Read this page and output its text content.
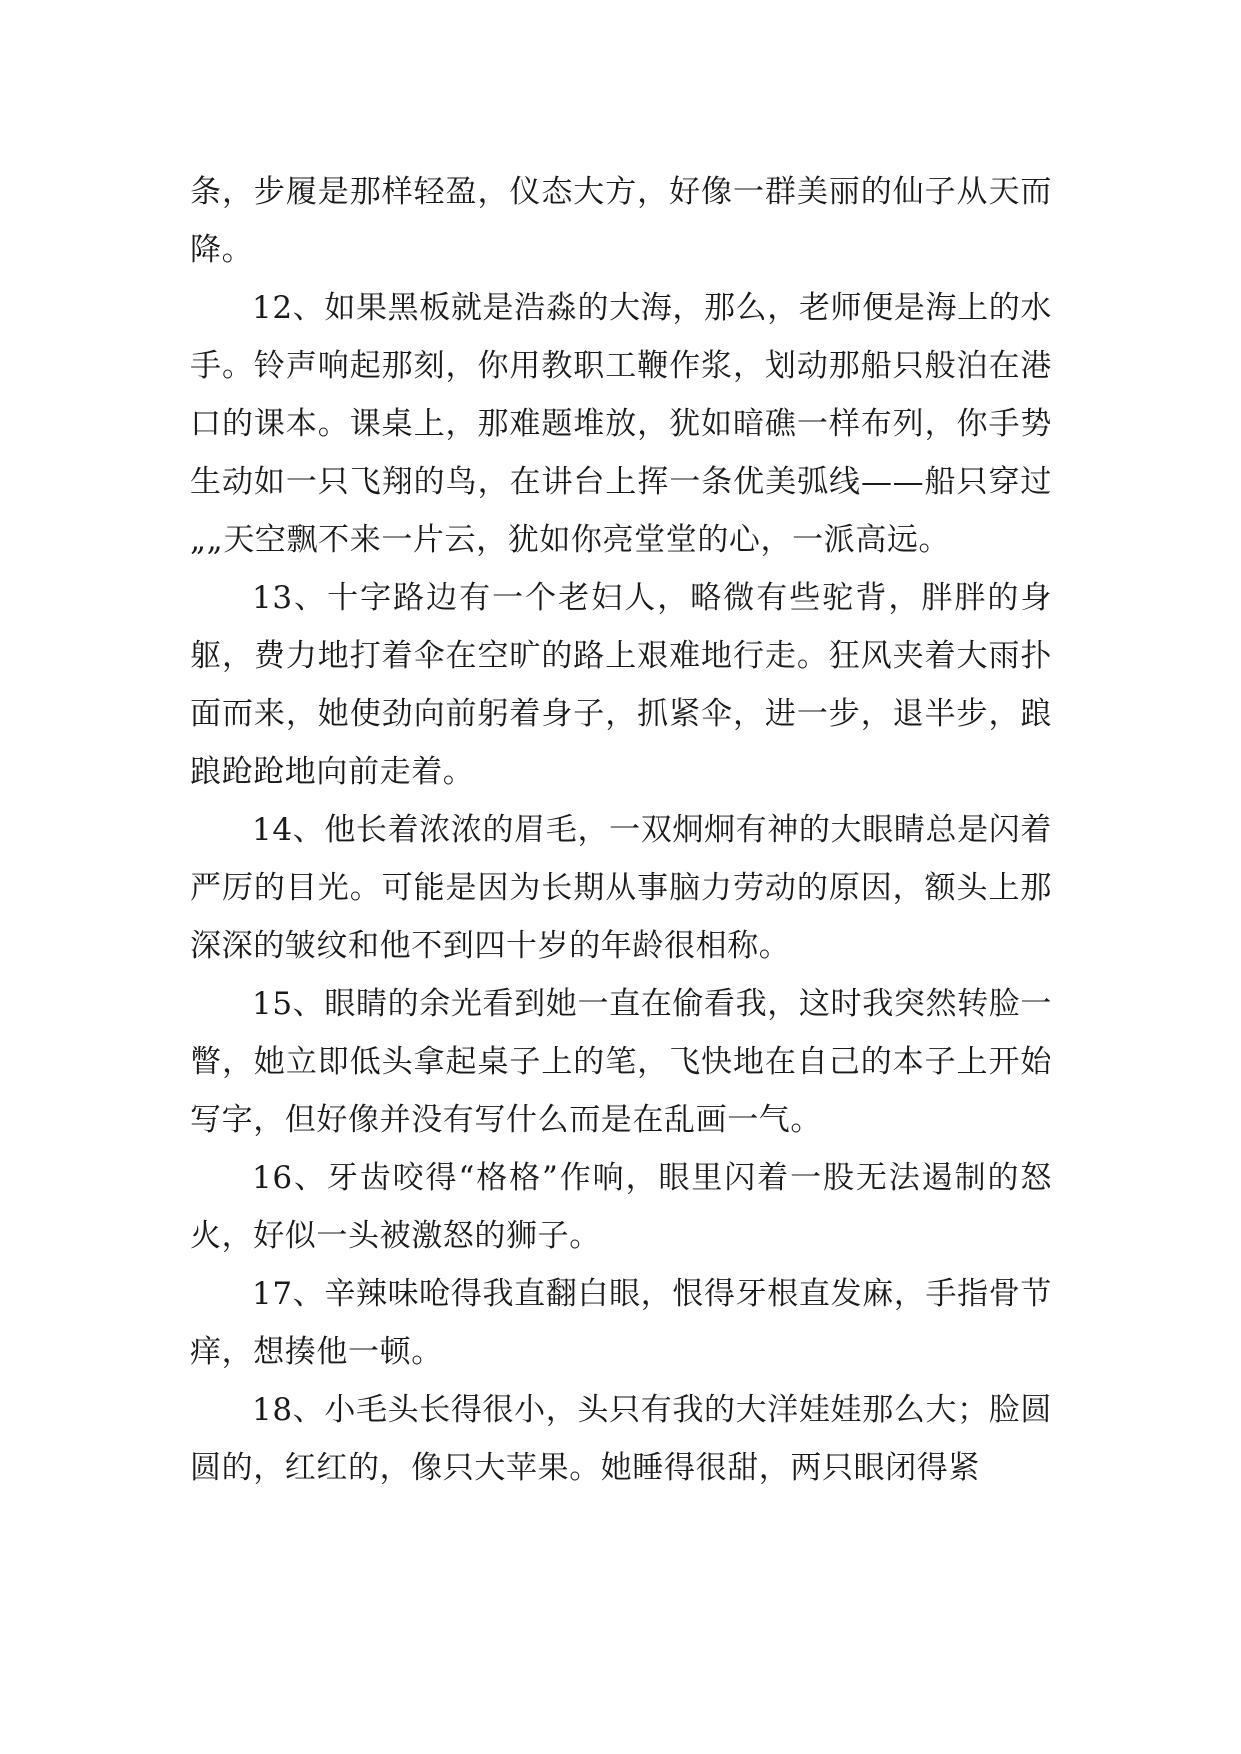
条，步履是那样轻盈，仪态大方，好像一群美丽的仙子从天而降。

12、如果黑板就是浩淼的大海，那么，老师便是海上的水手。铃声响起那刻，你用教职工鞭作浆，划动那船只般泊在港口的课本。课桌上，那难题堆放，犹如暗礁一样布列，你手势生动如一只飞翔的鸟，在讲台上挥一条优美弧线——船只穿过„„天空飘不来一片云，犹如你亮堂堂的心，一派高远。

13、十字路边有一个老妇人，略微有些驼背，胖胖的身躯，费力地打着伞在空旷的路上艰难地行走。狂风夹着大雨扑面而来，她使劲向前躬着身子，抓紧伞，进一步，退半步，踉踉跄跄地向前走着。

14、他长着浓浓的眉毛，一双炯炯有神的大眼睛总是闪着严厉的目光。可能是因为长期从事脑力劳动的原因，额头上那深深的皱纹和他不到四十岁的年龄很相称。

15、眼睛的余光看到她一直在偷看我，这时我突然转脸一瞥，她立即低头拿起桌子上的笔，飞快地在自己的本子上开始写字，但好像并没有写什么而是在乱画一气。

16、牙齿咬得“格格”作响，眼里闪着一股无法遏制的怒火，好似一头被激怒的狮子。

17、辛辣味呛得我直翻白眼，恨得牙根直发麻，手指骨节痒，想揍他一顿。

18、小毛头长得很小，头只有我的大洋娃娃那么大；脸圆圆的，红红的，像只大苹果。她睡得很甜，两只眼闭得紧
